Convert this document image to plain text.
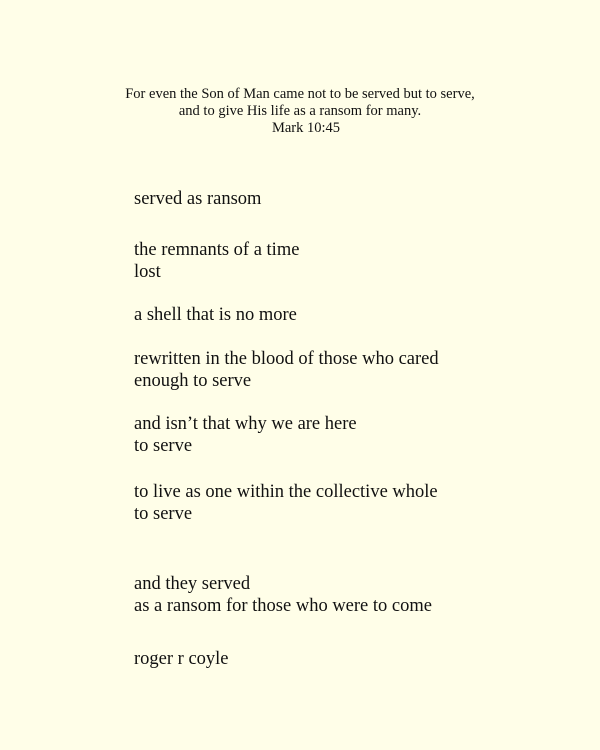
For even the Son of Man came not to be served but to serve,
and to give His life as a ransom for many.
Mark 10:45
served as ransom
the remnants of a time
lost
a shell that is no more
rewritten in the blood of those who cared
enough to serve
and isn’t that why we are here
to serve
to live as one within the collective whole
to serve
and they served
as a ransom for those who were to come
roger r coyle
